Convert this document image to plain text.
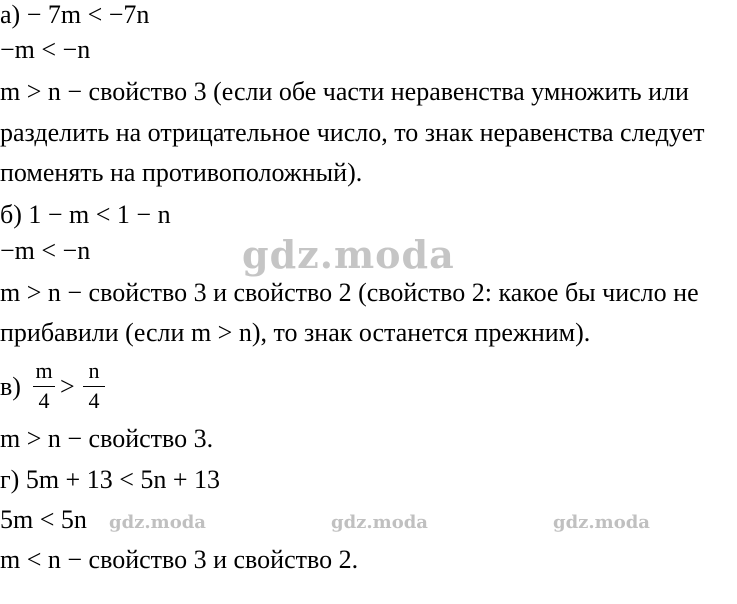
а) − 7m < −7n
−m < −n
m > n − свойство 3 (если обе части неравенства умножить или
разделить на отрицательное число, то знак неравенства следует
поменять на противоположный).
б) 1 − m < 1 − n
−m < −n
m > n − свойство 3 и свойство 2 (свойство 2: какое бы число не
прибавили (если m > n), то знак останется прежним).
в)
m
4 >
n
4
m > n − свойство 3.
г) 5m + 13 < 5n + 13
5m < 5n
m < n − свойство 3 и свойство 2.
gdz.moda
gdz.moda	gdz.moda	gdz.moda
